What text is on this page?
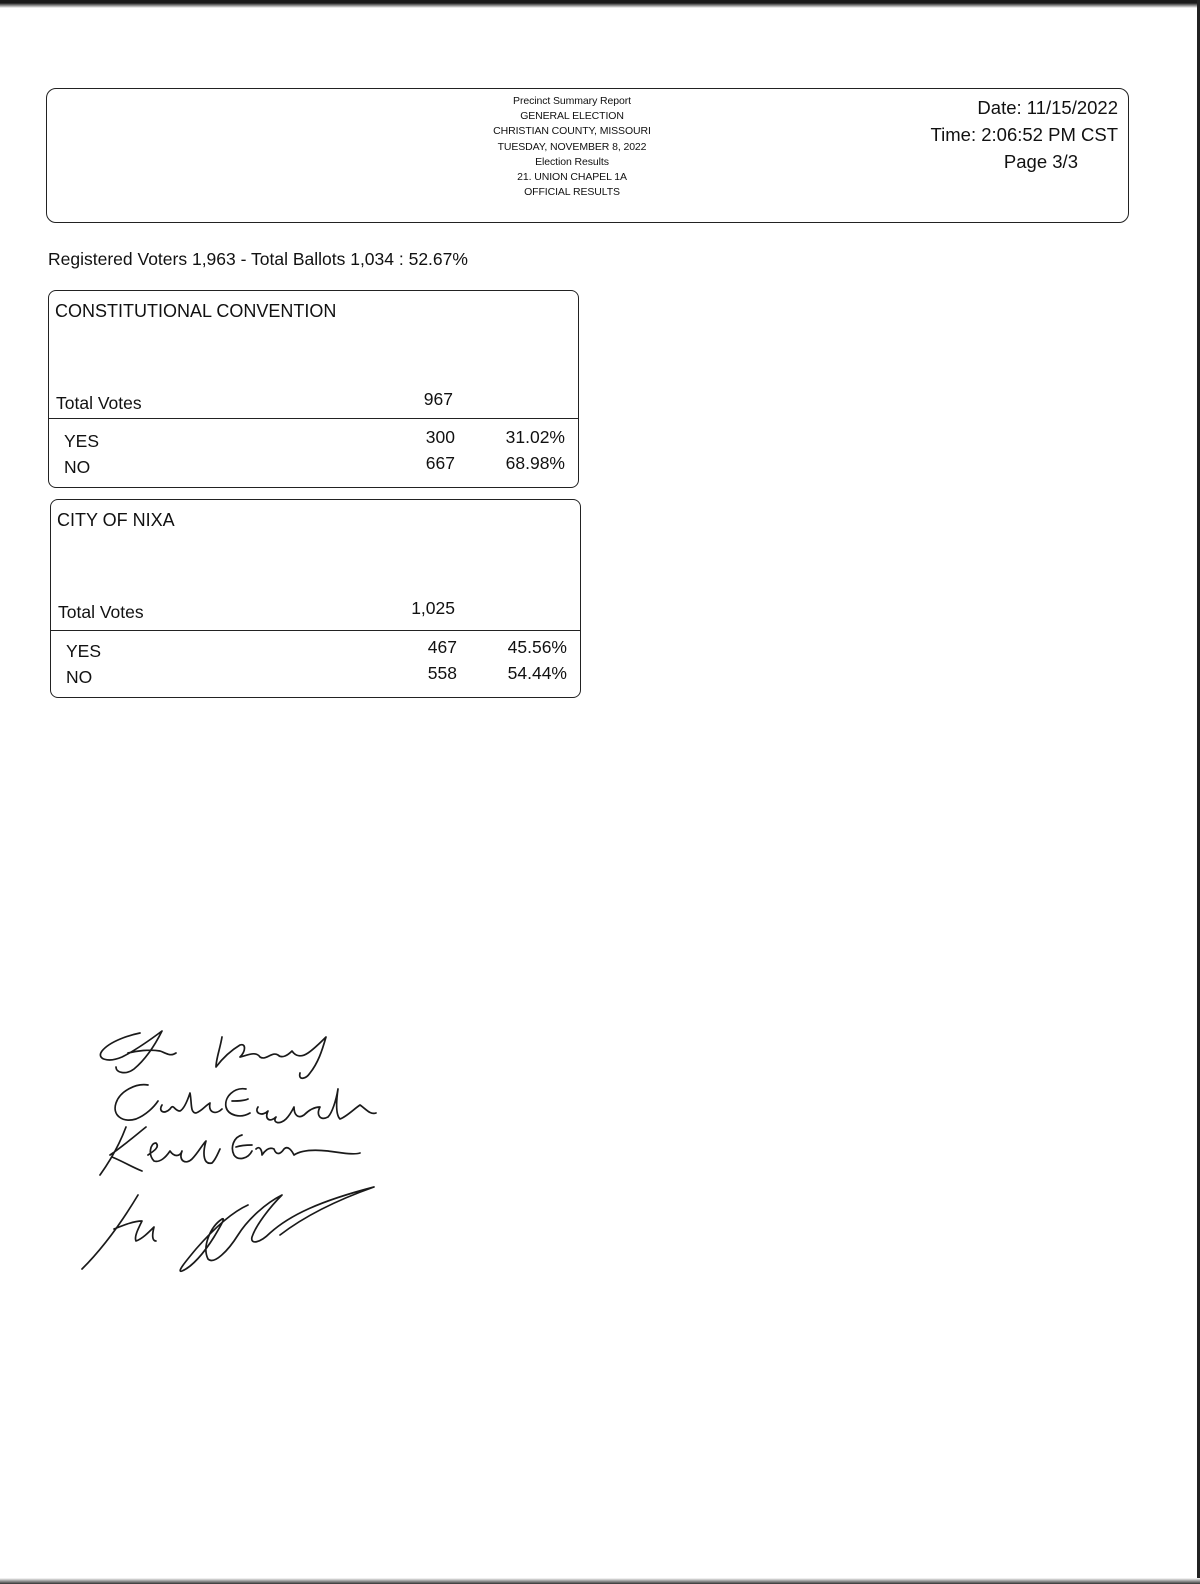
Precinct Summary Report
GENERAL ELECTION
CHRISTIAN COUNTY, MISSOURI
TUESDAY, NOVEMBER 8, 2022
Election Results
21. UNION CHAPEL 1A
OFFICIAL RESULTS
Date: 11/15/2022
Time: 2:06:52 PM CST
Page 3/3
Registered Voters 1,963 - Total Ballots 1,034 : 52.67%
CONSTITUTIONAL CONVENTION
Total Votes	967
YES	300	31.02%
NO	667	68.98%
CITY OF NIXA
Total Votes	1,025
YES	467	45.56%
NO	558	54.44%
